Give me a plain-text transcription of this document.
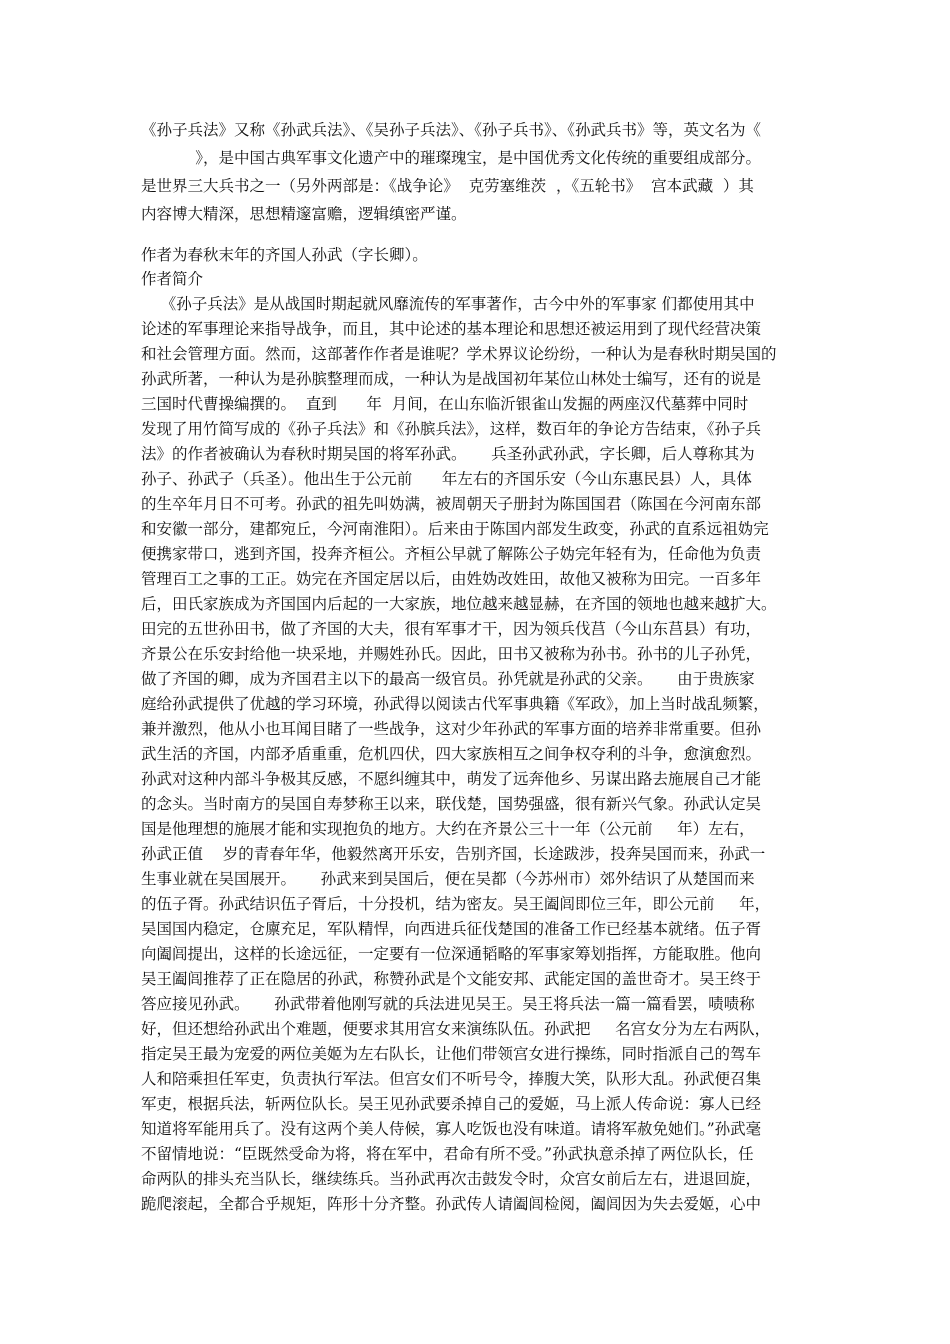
《孙子兵法》又称《孙武兵法》、《吴孙子兵法》、《孙子兵书》、《孙武兵书》等，英文名为《
》，是中国古典军事文化遗产中的璀璨瑰宝，是中国优秀文化传统的重要组成部分。
是世界三大兵书之一（另外两部是：《战争论》  克劳塞维茨  ，《五轮书》  宫本武藏  ）其
内容博大精深，思想精邃富赡，逻辑缜密严谨。
作者为春秋末年的齐国人孙武（字长卿）。
作者简介
《孙子兵法》是从战国时期起就风靡流传的军事著作，古今中外的军事家 们都使用其中
论述的军事理论来指导战争，而且，其中论述的基本理论和思想还被运用到了现代经营决策
和社会管理方面。然而，这部著作作者是谁呢？学术界议论纷纷，一种认为是春秋时期吴国的
孙武所著，一种认为是孙膑整理而成，一种认为是战国初年某位山林处士编写，还有的说是
三国时代曹操编撰的。  直到      年  月间，在山东临沂银雀山发掘的两座汉代墓葬中同时
发现了用竹简写成的《孙子兵法》和《孙膑兵法》，这样，数百年的争论方告结束，《孙子兵
法》的作者被确认为春秋时期吴国的将军孙武。     兵圣孙武孙武，字长卿，后人尊称其为
孙子、孙武子（兵圣）。他出生于公元前      年左右的齐国乐安（今山东惠民县）人，具体
的生卒年月日不可考。孙武的祖先叫妫满，被周朝天子册封为陈国国君（陈国在今河南东部
和安徽一部分，建都宛丘，今河南淮阳）。后来由于陈国内部发生政变，孙武的直系远祖妫完
便携家带口，逃到齐国，投奔齐桓公。齐桓公早就了解陈公子妫完年轻有为，任命他为负责
管理百工之事的工正。妫完在齐国定居以后，由姓妫改姓田，故他又被称为田完。一百多年
后，田氏家族成为齐国国内后起的一大家族，地位越来越显赫，在齐国的领地也越来越扩大。
田完的五世孙田书，做了齐国的大夫，很有军事才干，因为领兵伐莒（今山东莒县）有功，
齐景公在乐安封给他一块采地，并赐姓孙氏。因此，田书又被称为孙书。孙书的儿子孙凭，
做了齐国的卿，成为齐国君主以下的最高一级官员。孙凭就是孙武的父亲。     由于贵族家
庭给孙武提供了优越的学习环境，孙武得以阅读古代军事典籍《军政》，加上当时战乱频繁，
兼并激烈，他从小也耳闻目睹了一些战争，这对少年孙武的军事方面的培养非常重要。但孙
武生活的齐国，内部矛盾重重，危机四伏，四大家族相互之间争权夺利的斗争，愈演愈烈。
孙武对这种内部斗争极其反感，不愿纠缠其中，萌发了远奔他乡、另谋出路去施展自己才能
的念头。当时南方的吴国自寿梦称王以来，联伐楚，国势强盛，很有新兴气象。孙武认定吴
国是他理想的施展才能和实现抱负的地方。大约在齐景公三十一年（公元前     年）左右，
孙武正值    岁的青春年华，他毅然离开乐安，告别齐国，长途跋涉，投奔吴国而来，孙武一
生事业就在吴国展开。     孙武来到吴国后，便在吴都（今苏州市）郊外结识了从楚国而来
的伍子胥。孙武结识伍子胥后，十分投机，结为密友。吴王阖闾即位三年，即公元前     年，
吴国国内稳定，仓廪充足，军队精悍，向西进兵征伐楚国的准备工作已经基本就绪。伍子胥
向阖闾提出，这样的长途远征，一定要有一位深通韬略的军事家筹划指挥，方能取胜。他向
吴王阖闾推荐了正在隐居的孙武，称赞孙武是个文能安邦、武能定国的盖世奇才。吴王终于
答应接见孙武。     孙武带着他刚写就的兵法进见吴王。吴王将兵法一篇一篇看罢，啧啧称
好，但还想给孙武出个难题，便要求其用宫女来演练队伍。孙武把     名宫女分为左右两队，
指定吴王最为宠爱的两位美姬为左右队长，让他们带领宫女进行操练，同时指派自己的驾车
人和陪乘担任军吏，负责执行军法。但宫女们不听号令，捧腹大笑，队形大乱。孙武便召集
军吏，根据兵法，斩两位队长。吴王见孙武要杀掉自己的爱姬，马上派人传命说：寡人已经
知道将军能用兵了。没有这两个美人侍候，寡人吃饭也没有味道。请将军赦免她们。”孙武毫
不留情地说：“臣既然受命为将，将在军中，君命有所不受。”孙武执意杀掉了两位队长，任
命两队的排头充当队长，继续练兵。当孙武再次击鼓发令时，众宫女前后左右，进退回旋，
跪爬滚起，全都合乎规矩，阵形十分齐整。孙武传人请阖闾检阅，阖闾因为失去爱姬，心中
